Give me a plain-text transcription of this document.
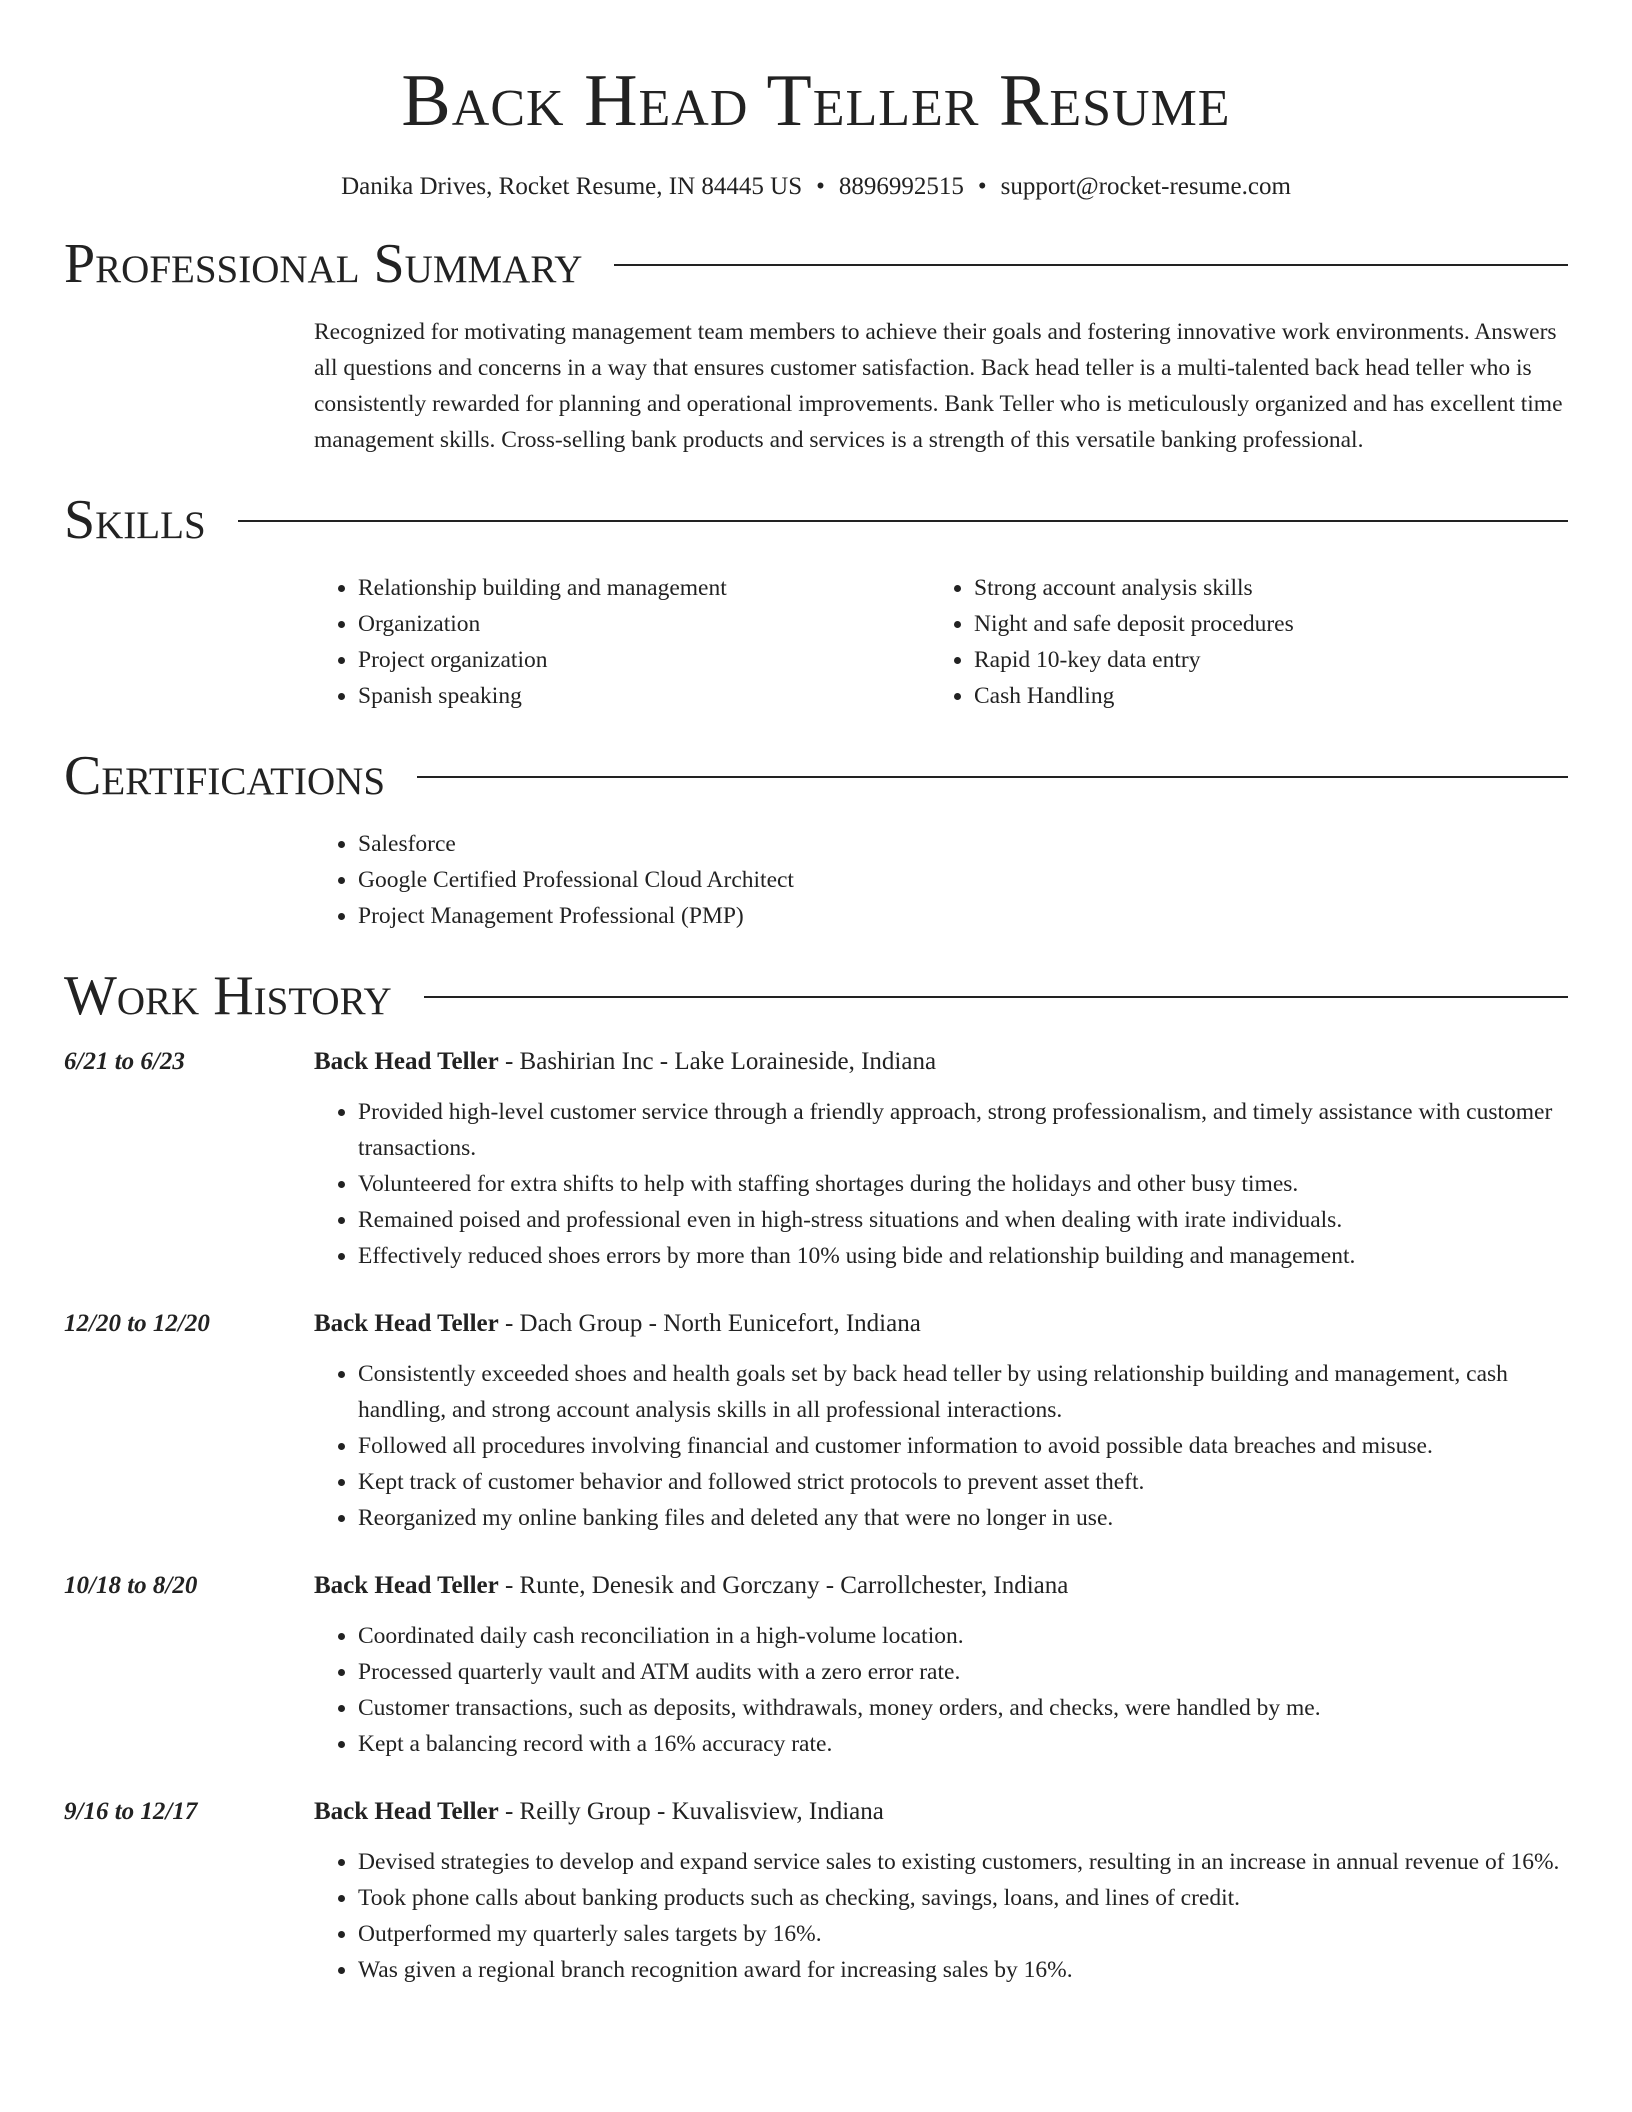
Back Head Teller Resume
Danika Drives, Rocket Resume, IN 84445 US • 8896992515 • support@rocket-resume.com
Professional Summary

Recognized for motivating management team members to achieve their goals and fostering innovative work environments. Answers all questions and concerns in a way that ensures customer satisfaction. Back head teller is a multi-talented back head teller who is consistently rewarded for planning and operational improvements. Bank Teller who is meticulously organized and has excellent time management skills. Cross-selling bank products and services is a strength of this versatile banking professional.

Skills
• Relationship building and management
• Organization
• Project organization
• Spanish speaking
• Strong account analysis skills
• Night and safe deposit procedures
• Rapid 10-key data entry
• Cash Handling
Certifications
• Salesforce
• Google Certified Professional Cloud Architect
• Project Management Professional (PMP)
Work History
6/21 to 6/23	Back Head Teller - Bashirian Inc - Lake Loraineside, Indiana
• Provided high-level customer service through a friendly approach, strong professionalism, and timely assistance with customer transactions.
• Volunteered for extra shifts to help with staffing shortages during the holidays and other busy times.
• Remained poised and professional even in high-stress situations and when dealing with irate individuals.
• Effectively reduced shoes errors by more than 10% using bide and relationship building and management.
12/20 to 12/20	Back Head Teller - Dach Group - North Eunicefort, Indiana
• Consistently exceeded shoes and health goals set by back head teller by using relationship building and management, cash handling, and strong account analysis skills in all professional interactions.
• Followed all procedures involving financial and customer information to avoid possible data breaches and misuse.
• Kept track of customer behavior and followed strict protocols to prevent asset theft.
• Reorganized my online banking files and deleted any that were no longer in use.
10/18 to 8/20	Back Head Teller - Runte, Denesik and Gorczany - Carrollchester, Indiana
• Coordinated daily cash reconciliation in a high-volume location.
• Processed quarterly vault and ATM audits with a zero error rate.
• Customer transactions, such as deposits, withdrawals, money orders, and checks, were handled by me.
• Kept a balancing record with a 16% accuracy rate.
9/16 to 12/17	Back Head Teller - Reilly Group - Kuvalisview, Indiana
• Devised strategies to develop and expand service sales to existing customers, resulting in an increase in annual revenue of 16%.
• Took phone calls about banking products such as checking, savings, loans, and lines of credit.
• Outperformed my quarterly sales targets by 16%.
• Was given a regional branch recognition award for increasing sales by 16%.
